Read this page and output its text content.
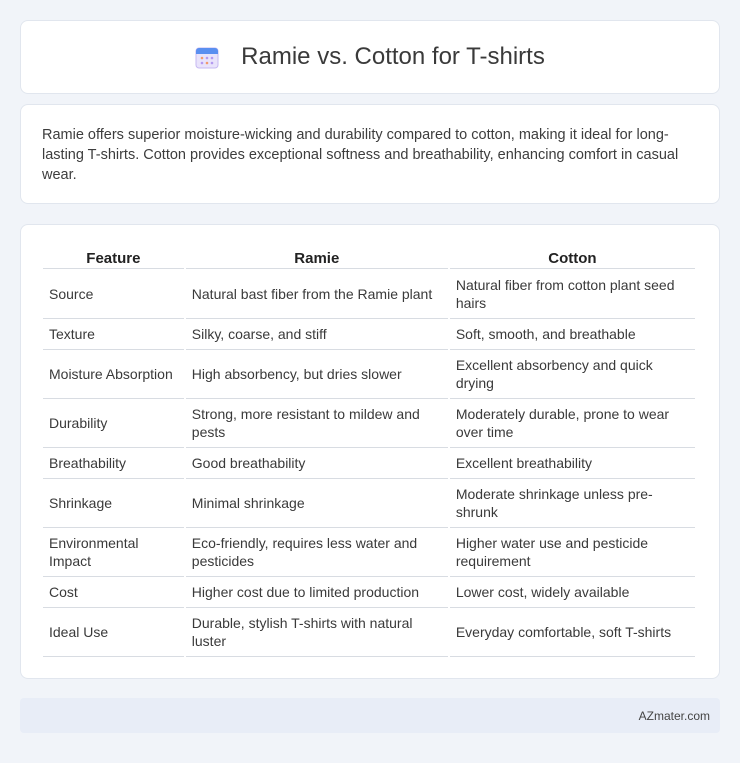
Ramie vs. Cotton for T-shirts

Ramie offers superior moisture-wicking and durability compared to cotton, making it ideal for long-lasting T-shirts. Cotton provides exceptional softness and breathability, enhancing comfort in casual wear.

Feature	Ramie	Cotton
Source	Natural bast fiber from the Ramie plant	Natural fiber from cotton plant seed hairs
Texture	Silky, coarse, and stiff	Soft, smooth, and breathable
Moisture Absorption	High absorbency, but dries slower	Excellent absorbency and quick drying
Durability	Strong, more resistant to mildew and pests	Moderately durable, prone to wear over time
Breathability	Good breathability	Excellent breathability
Shrinkage	Minimal shrinkage	Moderate shrinkage unless pre-shrunk
Environmental Impact	Eco-friendly, requires less water and pesticides	Higher water use and pesticide requirement
Cost	Higher cost due to limited production	Lower cost, widely available
Ideal Use	Durable, stylish T-shirts with natural luster	Everyday comfortable, soft T-shirts
AZmater.com
